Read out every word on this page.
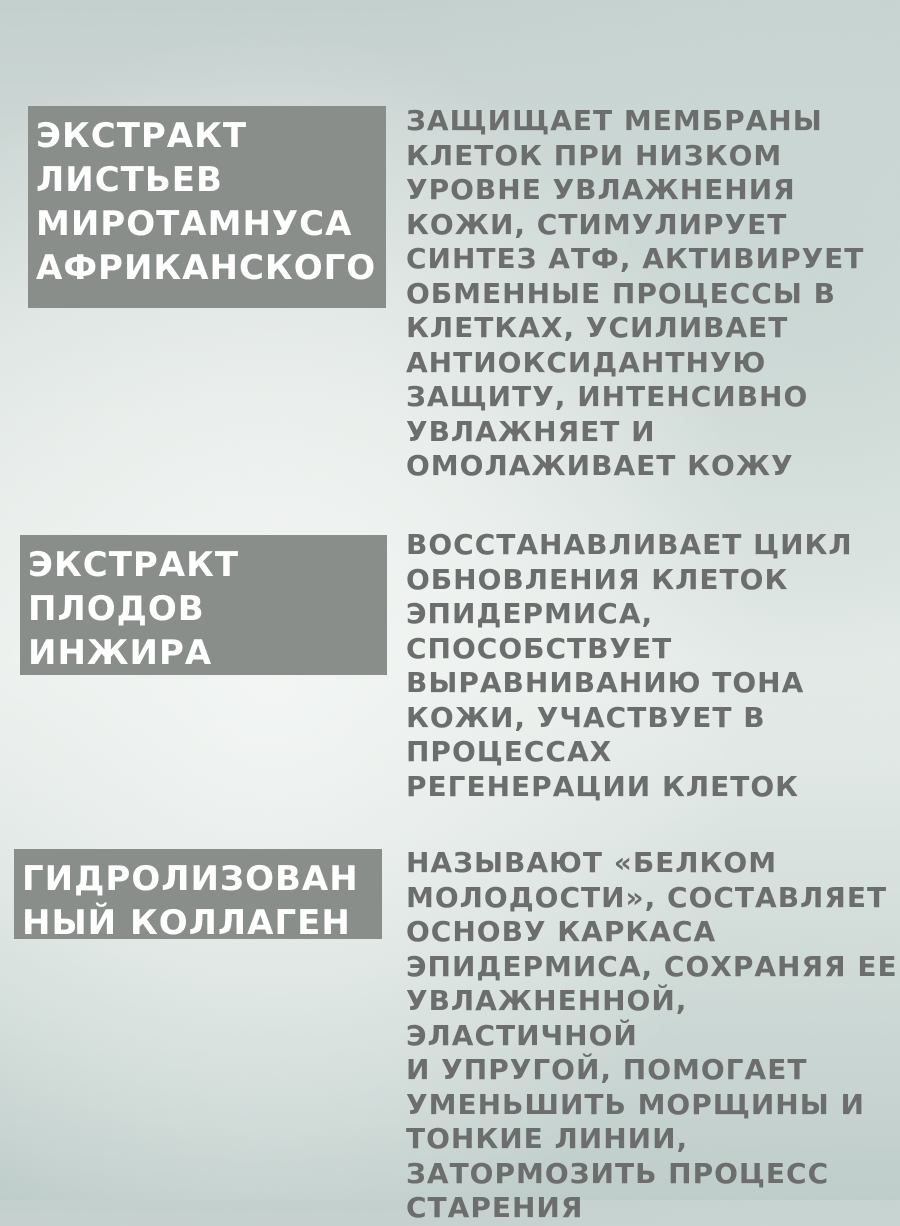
ЭКСТРАКТ
ЛИСТЬЕВ
МИРОТАМНУСА
АФРИКАНСКОГО
ЗАЩИЩАЕТ МЕМБРАНЫ
КЛЕТОК ПРИ НИЗКОМ
УРОВНЕ УВЛАЖНЕНИЯ
КОЖИ, СТИМУЛИРУЕТ
СИНТЕЗ АТФ, АКТИВИРУЕТ
ОБМЕННЫЕ ПРОЦЕССЫ В
КЛЕТКАХ, УСИЛИВАЕТ
АНТИОКСИДАНТНУЮ
ЗАЩИТУ, ИНТЕНСИВНО
УВЛАЖНЯЕТ И
ОМОЛАЖИВАЕТ КОЖУ
ЭКСТРАКТ
ПЛОДОВ
ИНЖИРА
ВОССТАНАВЛИВАЕТ ЦИКЛ
ОБНОВЛЕНИЯ КЛЕТОК
ЭПИДЕРМИСА,
СПОСОБСТВУЕТ
ВЫРАВНИВАНИЮ ТОНА
КОЖИ, УЧАСТВУЕТ В
ПРОЦЕССАХ
РЕГЕНЕРАЦИИ КЛЕТОК
ГИДРОЛИЗОВАН
НЫЙ КОЛЛАГЕН
НАЗЫВАЮТ «БЕЛКОМ
МОЛОДОСТИ», СОСТАВЛЯЕТ
ОСНОВУ КАРКАСА
ЭПИДЕРМИСА, СОХРАНЯЯ ЕЕ
УВЛАЖНЕННОЙ, ЭЛАСТИЧНОЙ
И УПРУГОЙ, ПОМОГАЕТ
УМЕНЬШИТЬ МОРЩИНЫ И
ТОНКИЕ ЛИНИИ,
ЗАТОРМОЗИТЬ ПРОЦЕСС
СТАРЕНИЯ
